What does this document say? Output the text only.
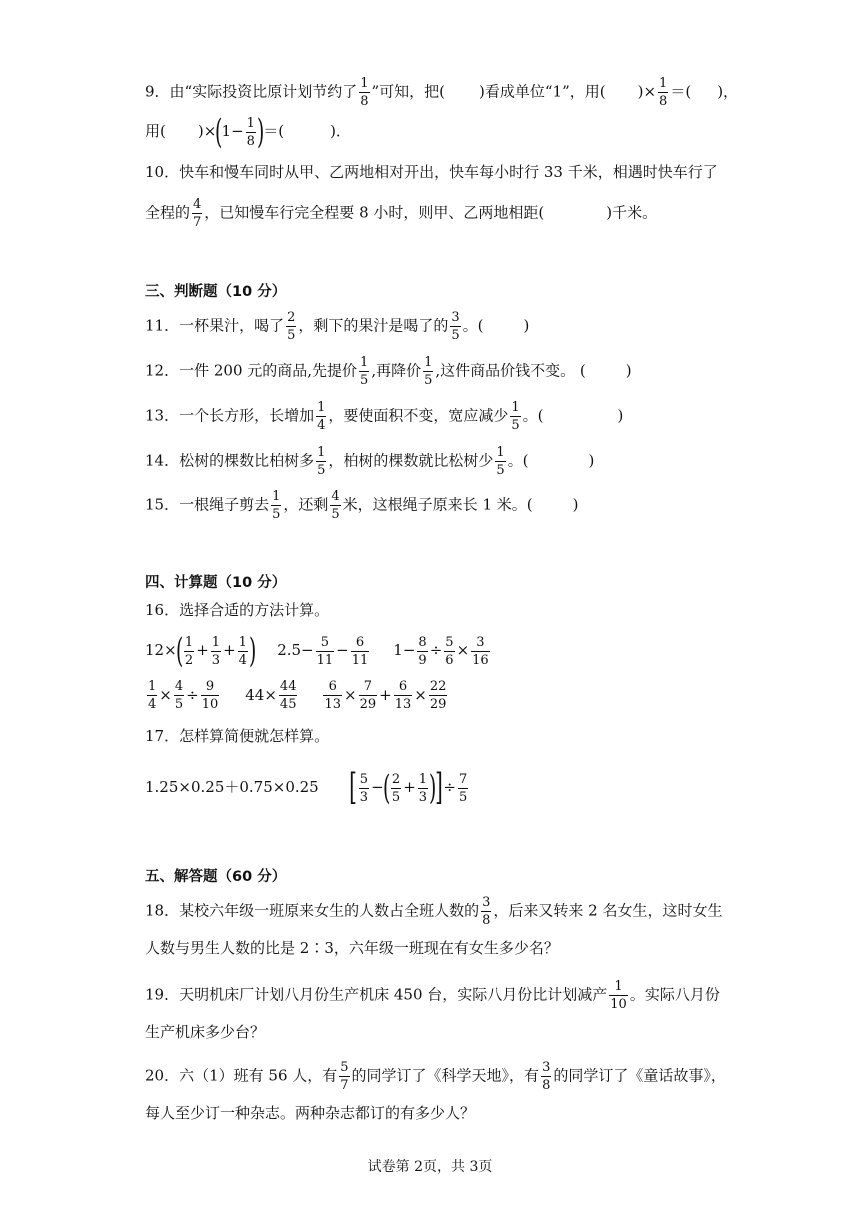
9．由“实际投资比原计划节约了 $\frac{1}{8}$ ”可知，把( )看成单位“1”，用( )× $\frac{1}{8}$ ＝( )，
用( )$\times(1- \frac{1}{8}$ )＝(	)．
10．快车和慢车同时从甲、乙两地相对开出，快车每小时行 33 千米，相遇时快车行了
全程的 $\frac{4}{7}$ ，已知慢车行完全程要 8 小时，则甲、乙两地相距(	)千米。
三、判断题（10 分）
11．一杯果汁，喝了 $\frac{2}{5}$ ，剩下的果汁是喝了的 $\frac{3}{5}$ 。(	)
12．一件 200 元的商品,先提价 $\frac{1}{5}$ ,再降价 $\frac{1}{5}$ ,这件商品价钱不变。 (	)
13．一个长方形，长增加 $\frac{1}{4}$ ，要使面积不变，宽应减少 $\frac{1}{5}$ 。(	)
14．松树的棵数比柏树多 $\frac{1}{5}$ ，柏树的棵数就比松树少 $\frac{1}{5}$ 。(	)
15．一根绳子剪去 $\frac{1}{5}$ ，还剩 $\frac{4}{5}$ 米，这根绳子原来长 1 米。(	)
四、计算题（10 分）
16．选择合适的方法计算。
$12\times( \frac{1}{2} + \frac{1}{3} + \frac{1}{4}$ ) $2.5- \frac{5}{11} - \frac{6}{11} 1- \frac{8}{9} \div \frac{5}{6} \times \frac{3}{16}$
$\frac{1}{4} \times \frac{4}{5} \div \frac{9}{10} 44\times \frac{44}{45} \frac{6}{13} \times \frac{7}{29} + \frac{6}{13} \times \frac{22}{29}$
17．怎样算简便就怎样算。
1.25×0.25＋0.75×0.25 [ $\frac{5}{3}$ −( $\frac{2}{5} + \frac{1}{3}$ )]÷ $\frac{7}{5}$
五、解答题（60 分）
18．某校六年级一班原来女生的人数占全班人数的 $\frac{3}{8}$ ，后来又转来 2 名女生，这时女生
人数与男生人数的比是 2∶3，六年级一班现在有女生多少名？
19．天明机床厂计划八月份生产机床 450 台，实际八月份比计划减产 $\frac{1}{10}$ 。实际八月份
生产机床多少台？
20．六（1）班有 56 人，有 $\frac{5}{7}$ 的同学订了《科学天地》，有 $\frac{3}{8}$ 的同学订了《童话故事》，
每人至少订一种杂志。两种杂志都订的有多少人？
试卷第 2页，共 3页
